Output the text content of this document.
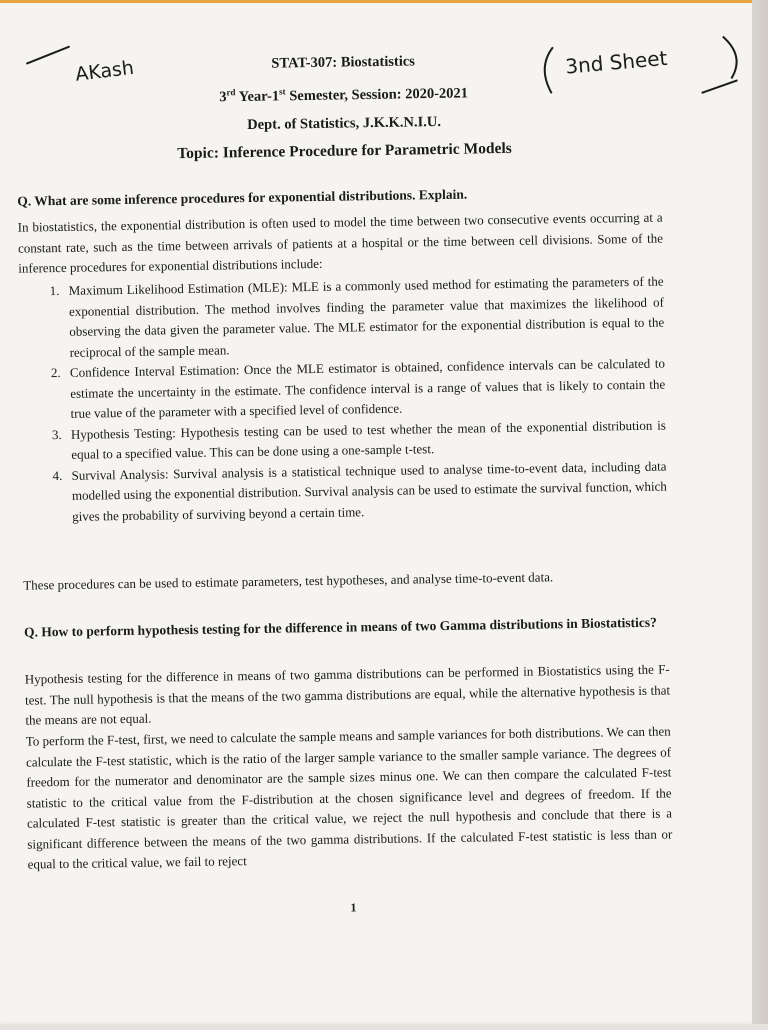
AKash	3nd Sheet
STAT-307: Biostatistics
3rd Year-1st Semester, Session: 2020-2021
Dept. of Statistics, J.K.K.N.I.U.
Topic: Inference Procedure for Parametric Models
Q. What are some inference procedures for exponential distributions. Explain.
In biostatistics, the exponential distribution is often used to model the time between two consecutive events occurring at a constant rate, such as the time between arrivals of patients at a hospital or the time between cell divisions. Some of the inference procedures for exponential distributions include:
1. Maximum Likelihood Estimation (MLE): MLE is a commonly used method for estimating the parameters of the exponential distribution. The method involves finding the parameter value that maximizes the likelihood of observing the data given the parameter value. The MLE estimator for the exponential distribution is equal to the reciprocal of the sample mean.
2. Confidence Interval Estimation: Once the MLE estimator is obtained, confidence intervals can be calculated to estimate the uncertainty in the estimate. The confidence interval is a range of values that is likely to contain the true value of the parameter with a specified level of confidence.
3. Hypothesis Testing: Hypothesis testing can be used to test whether the mean of the exponential distribution is equal to a specified value. This can be done using a one-sample t-test.
4. Survival Analysis: Survival analysis is a statistical technique used to analyse time-to-event data, including data modelled using the exponential distribution. Survival analysis can be used to estimate the survival function, which gives the probability of surviving beyond a certain time.
These procedures can be used to estimate parameters, test hypotheses, and analyse time-to-event data.
Q. How to perform hypothesis testing for the difference in means of two Gamma distributions in Biostatistics?
Hypothesis testing for the difference in means of two gamma distributions can be performed in Biostatistics using the F-test. The null hypothesis is that the means of the two gamma distributions are equal, while the alternative hypothesis is that the means are not equal.
To perform the F-test, first, we need to calculate the sample means and sample variances for both distributions. We can then calculate the F-test statistic, which is the ratio of the larger sample variance to the smaller sample variance. The degrees of freedom for the numerator and denominator are the sample sizes minus one. We can then compare the calculated F-test statistic to the critical value from the F-distribution at the chosen significance level and degrees of freedom. If the calculated F-test statistic is greater than the critical value, we reject the null hypothesis and conclude that there is a significant difference between the means of the two gamma distributions. If the calculated F-test statistic is less than or equal to the critical value, we fail to reject
1
